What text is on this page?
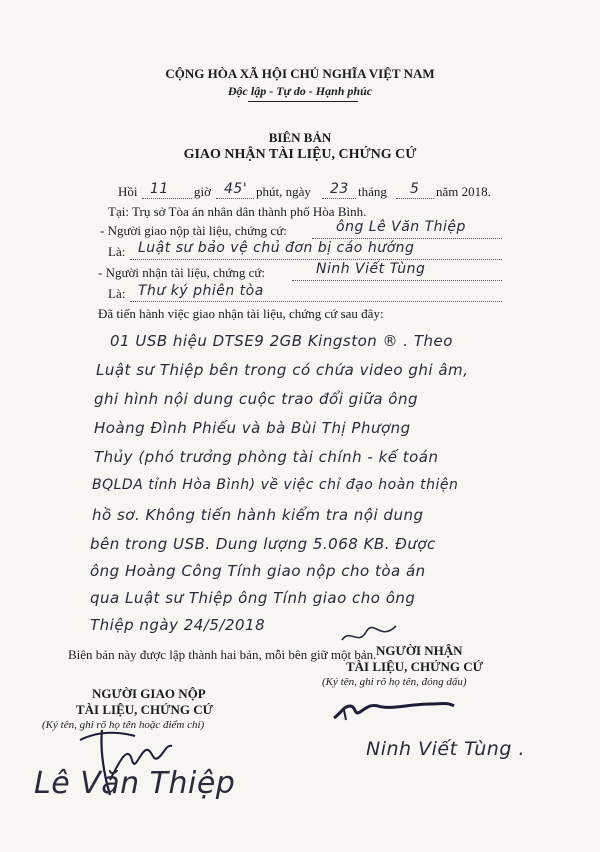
CỘNG HÒA XÃ HỘI CHỦ NGHĨA VIỆT NAM
Độc lập - Tự do - Hạnh phúc
BIÊN BẢN
GIAO NHẬN TÀI LIỆU, CHỨNG CỨ
Hồi 11 giờ 45' phút, ngày 23 tháng 5 năm 2018.
Tại: Trụ sở Tòa án nhân dân thành phố Hòa Bình.
- Người giao nộp tài liệu, chứng cứ:	ông Lê Văn Thiệp
Là: Luật sư bảo vệ chủ đơn bị cáo hướng
- Người nhận tài liệu, chứng cứ:	Ninh Viết Tùng
Là: Thư ký phiên tòa
Đã tiến hành việc giao nhận tài liệu, chứng cứ sau đây:
01 USB hiệu DTSE9 2GB Kingston ® . Theo
Luật sư Thiệp bên trong có chứa video ghi âm,
ghi hình nội dung cuộc trao đổi giữa ông
Hoàng Đình Phiếu và bà Bùi Thị Phượng
Thủy (phó trưởng phòng tài chính - kế toán
BQLDA tỉnh Hòa Bình) về việc chỉ đạo hoàn thiện
hồ sơ. Không tiến hành kiểm tra nội dung
bên trong USB. Dung lượng 5.068 KB. Được
ông Hoàng Công Tính giao nộp cho tòa án
qua Luật sư Thiệp ông Tính giao cho ông
Thiệp ngày 24/5/2018
Biên bản này được lập thành hai bản, mỗi bên giữ một bản.
NGƯỜI GIAO NỘP
TÀI LIỆU, CHỨNG CỨ
(Ký tên, ghi rõ họ tên hoặc điểm chỉ)
Lê Văn Thiệp
NGƯỜI NHẬN
TÀI LIỆU, CHỨNG CỨ
(Ký tên, ghi rõ họ tên, đóng dấu)
Ninh Viết Tùng .
